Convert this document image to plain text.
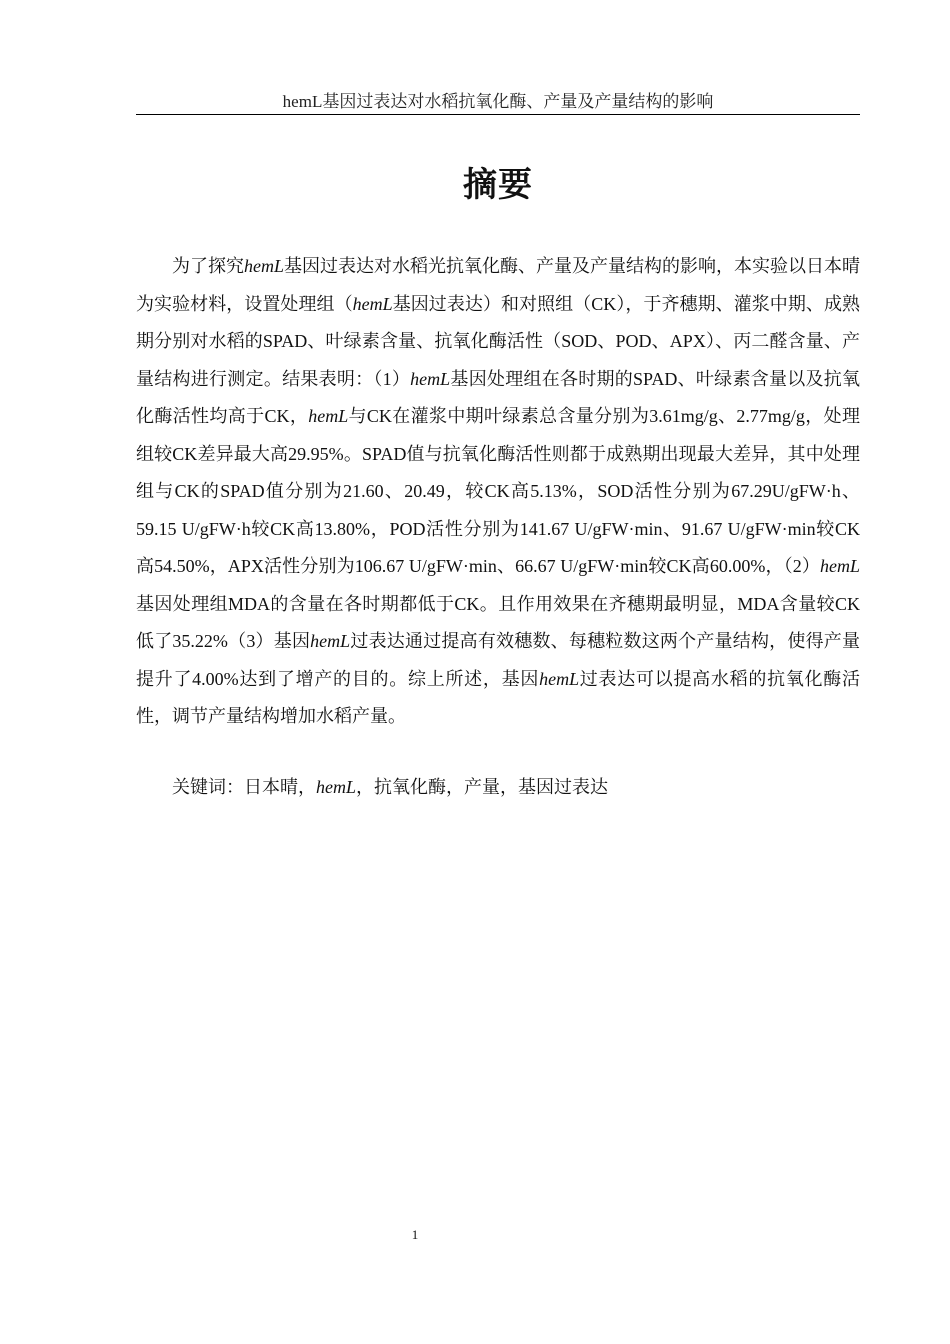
hemL基因过表达对水稻抗氧化酶、产量及产量结构的影响
摘要

为了探究hemL基因过表达对水稻光抗氧化酶、产量及产量结构的影响，本实验以日本晴为实验材料，设置处理组（hemL基因过表达）和对照组（CK），于齐穗期、灌浆中期、成熟期分别对水稻的SPAD、叶绿素含量、抗氧化酶活性（SOD、POD、APX）、丙二醛含量、产量结构进行测定。结果表明：（1）hemL基因处理组在各时期的SPAD、叶绿素含量以及抗氧化酶活性均高于CK，hemL与CK在灌浆中期叶绿素总含量分别为3.61mg/g、2.77mg/g，处理组较CK差异最大高29.95%。SPAD值与抗氧化酶活性则都于成熟期出现最大差异，其中处理组与CK的SPAD值分别为21.60、20.49，较CK高5.13%，SOD活性分别为67.29U/gFW·h、59.15 U/gFW·h较CK高13.80%，POD活性分别为141.67 U/gFW·min、91.67 U/gFW·min较CK高54.50%，APX活性分别为106.67 U/gFW·min、66.67 U/gFW·min较CK高60.00%，（2）hemL基因处理组MDA的含量在各时期都低于CK。且作用效果在齐穗期最明显，MDA含量较CK低了35.22%（3）基因hemL过表达通过提高有效穗数、每穗粒数这两个产量结构，使得产量提升了4.00%达到了增产的目的。综上所述，基因hemL过表达可以提高水稻的抗氧化酶活性，调节产量结构增加水稻产量。

关键词：日本晴，hemL，抗氧化酶，产量，基因过表达

1
